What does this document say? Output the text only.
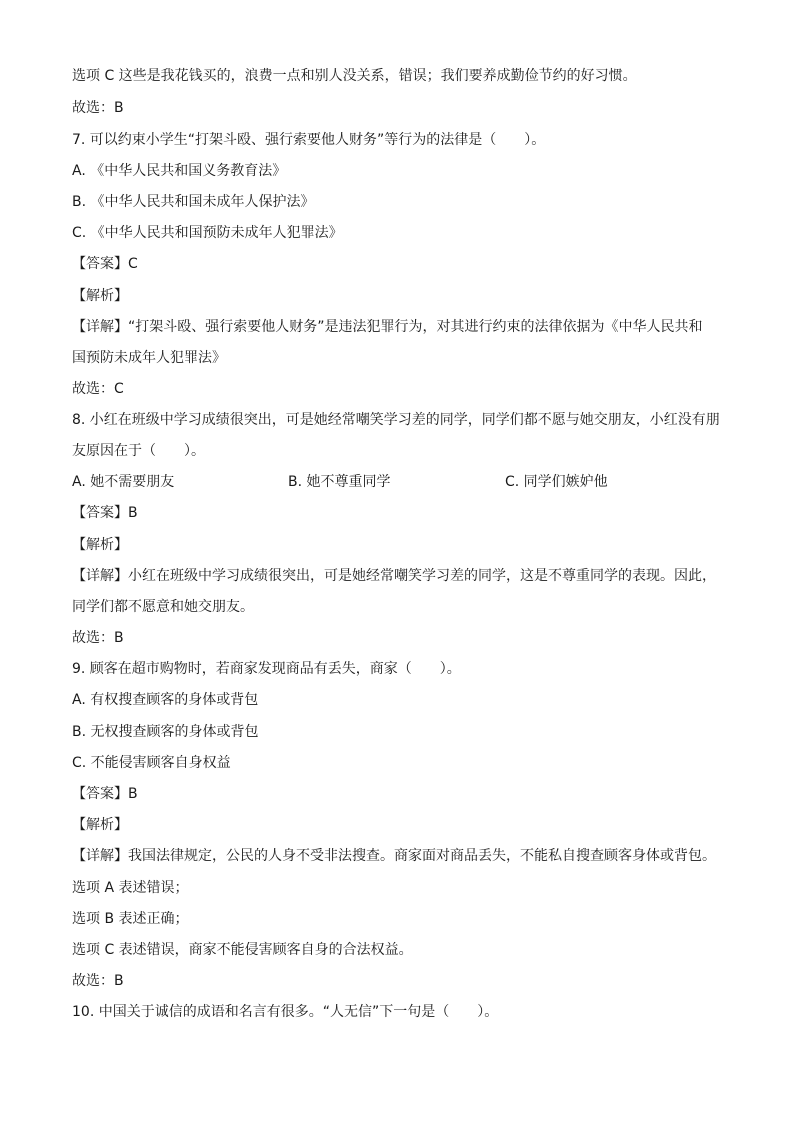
选项 C 这些是我花钱买的，浪费一点和别人没关系，错误；我们要养成勤俭节约的好习惯。
故选：B
7. 可以约束小学生“打架斗殴、强行索要他人财务”等行为的法律是（　　）。
A. 《中华人民共和国义务教育法》
B. 《中华人民共和国未成年人保护法》
C. 《中华人民共和国预防未成年人犯罪法》
【答案】C
【解析】
【详解】“打架斗殴、强行索要他人财务”是违法犯罪行为，对其进行约束的法律依据为《中华人民共和
国预防未成年人犯罪法》
故选：C
8. 小红在班级中学习成绩很突出，可是她经常嘲笑学习差的同学，同学们都不愿与她交朋友，小红没有朋
友原因在于（　　）。
A. 她不需要朋友	B. 她不尊重同学	C. 同学们嫉妒他
【答案】B
【解析】
【详解】小红在班级中学习成绩很突出，可是她经常嘲笑学习差的同学，这是不尊重同学的表现。因此，
同学们都不愿意和她交朋友。
故选：B
9. 顾客在超市购物时，若商家发现商品有丢失，商家（　　）。
A. 有权搜查顾客的身体或背包
B. 无权搜查顾客的身体或背包
C. 不能侵害顾客自身权益
【答案】B
【解析】
【详解】我国法律规定，公民的人身不受非法搜查。商家面对商品丢失，不能私自搜查顾客身体或背包。
选项 A 表述错误；
选项 B 表述正确；
选项 C 表述错误，商家不能侵害顾客自身的合法权益。
故选：B
10. 中国关于诚信的成语和名言有很多。“人无信”下一句是（　　）。
